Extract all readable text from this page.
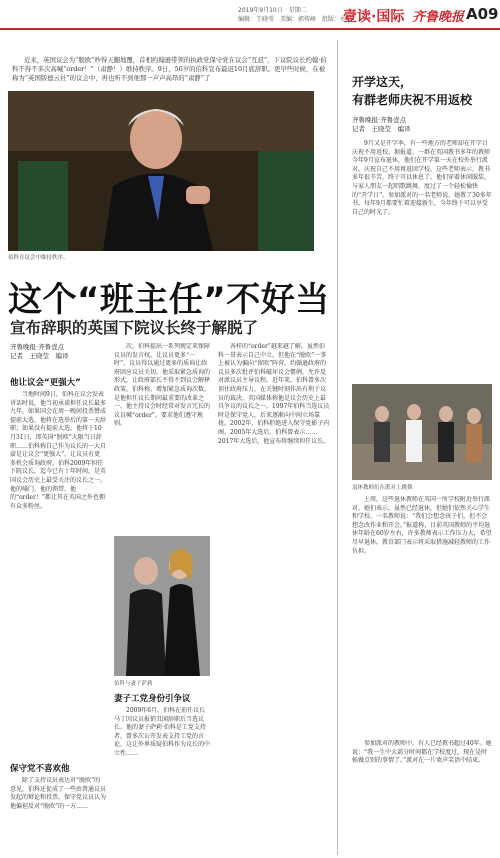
2019年9月10日　星期二
编辑：王晓莹　美编：郭传峰　组版：刘燕
壹读·国际 齐鲁晚报 A09
近来，英国议会为“脱欧”吵得天翻地覆，首相约翰逊带领的执政党保守党在议会“互怼”，下议院议长约翰·伯科不得不多次高喊“order！”（肃静！）维持秩序。9日，56岁的伯科宣布最迟10月底辞职。更早些时候，在被称为“英国版德云社”的议会中，再也听不到他那一声声高昂的“肃静”了
伯科在议会中维持秩序。
这个“班主任”不好当
宣布辞职的英国下院议长终于解脱了
齐鲁晚报·齐鲁壹点
记者　王晓莹　编译
他让议会“更强大”

当地时间9日，伯科在议会发表讲话时说，他当初承诺担任议长最多九年，如果国会在周一晚间投票赞成提前大选，他将在选举后的第一天辞职；如果没有提前大选，他将于10月31日，即英国“脱欧”大限当日辞职……伯科称自己作为议长的一大自豪是让议会“更强大”，让议员有更多机会质询政府。伯科2009年担任下院议长，迄今已有十年时间，是英国议会历史上最受关注的议长之一。他的嗓门、他的领带、他的“order！”都让其在英国之外也拥有众多粉丝。

保守党不喜欢他

除了支持议员表达对“脱欧”的意见，伯科还促成了一些由普通议员发起的辩论和投票。保守党议员认为他偏袒反对“脱欧”的一方……

次，伯科提出一系列规定来保障议员的发言权，让议员更多“一时”，议员得以通过更多的质询让政府回应议员关切。他采取紧急质询的形式，让政府部长不得不到议会解释政策。伯科称，增加紧急质询次数，是他担任议长期间最重要的改革之一。他主持议会时经常对发言冗长的议员喊“order”，要求他们遵守规则。

伯科与妻子萨莉
妻子工党身份引争议

2009年6月，伯科在前任议长马丁因议员报销丑闻辞职后当选议长。他的妻子萨莉·伯科是工党支持者，曾多次公开发表支持工党的言论，这让外界质疑伯科作为议长的中立性……

各样的“order”越来越了解。虽然伯科一贯表示自己中立，但他在“脱欧”一事上被认为偏向“留欧”阵营。约翰逊政府的议员多次批评伯科破坏议会惯例，允许反对派议员主导议程。近年来，伯科曾多次顶住政府压力，在关键时刻作出有利于议员的裁决。英国媒体称他是议会历史上最具争议的议长之一。1997年伯科当选议员时是保守党人，后来逐渐向中间立场靠拢。2002年，伯科拒绝进入保守党影子内阁。2005年大选后，伯科曾表示……2017年大选后，他宣布将继续担任议长。

开学这天，
有群老师庆祝不用返校
齐鲁晚报·齐鲁壹点
记者　王晓莹　编译

9月又是开学季，有一些地方的老师却在开学日庆祝不用返校。据报道，一群在英国教书多年的教师今年9月宣布退休，他们在开学第一天在校外举行派对，庆祝自己不用再返回学校。这些老师表示，教书多年很辛苦，终于可以休息了。他们穿着休闲服装，与家人朋友一起唱歌跳舞，度过了一个轻松愉快的“开学日”。参加派对的一名老师说，她教了30多年书，每年9月都要忙着迎接新生，今年终于可以享受自己的时光了。

退休教师们在派对上跳舞

上周，这些退休教师在英国一所学校附近举行派对。她们表示，虽然已经退休，但她们依然关心学生和学校。一名教师说：“我们会想念孩子们，但不会想念改作业和开会。”报道称，目前英国教师的平均退休年龄在60岁左右，许多教师表示工作压力大，希望尽早退休。教育部门表示将采取措施减轻教师的工作负担。

参加派对的教师中，有人已经教书超过40年。她说：“我一生中大部分时间都在学校度过，现在是时候做点别的事情了。”派对在一片欢声笑语中结束。
